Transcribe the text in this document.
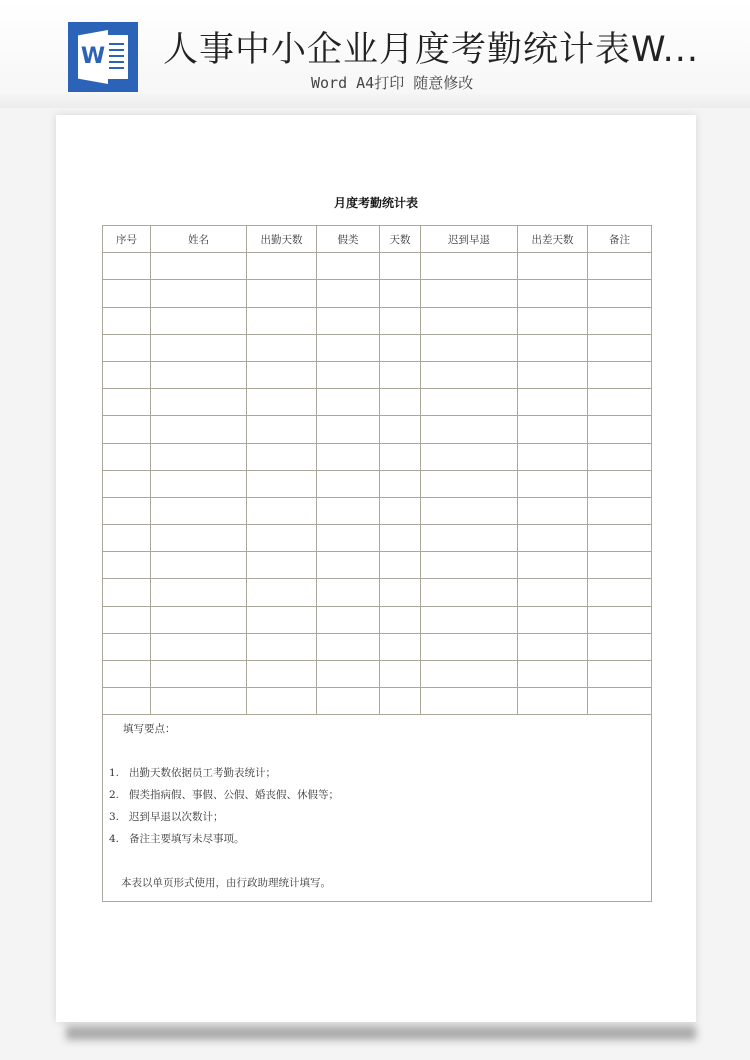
W 人事中小企业月度考勤统计表W...
Word A4打印 随意修改
月度考勤统计表
序号	姓名	出勤天数	假类	天数	迟到早退	出差天数	备注

填写要点：
1. 出勤天数依据员工考勤表统计；
2. 假类指病假、事假、公假、婚丧假、休假等；
3. 迟到早退以次数计；
4. 备注主要填写未尽事项。
本表以单页形式使用，由行政助理统计填写。
